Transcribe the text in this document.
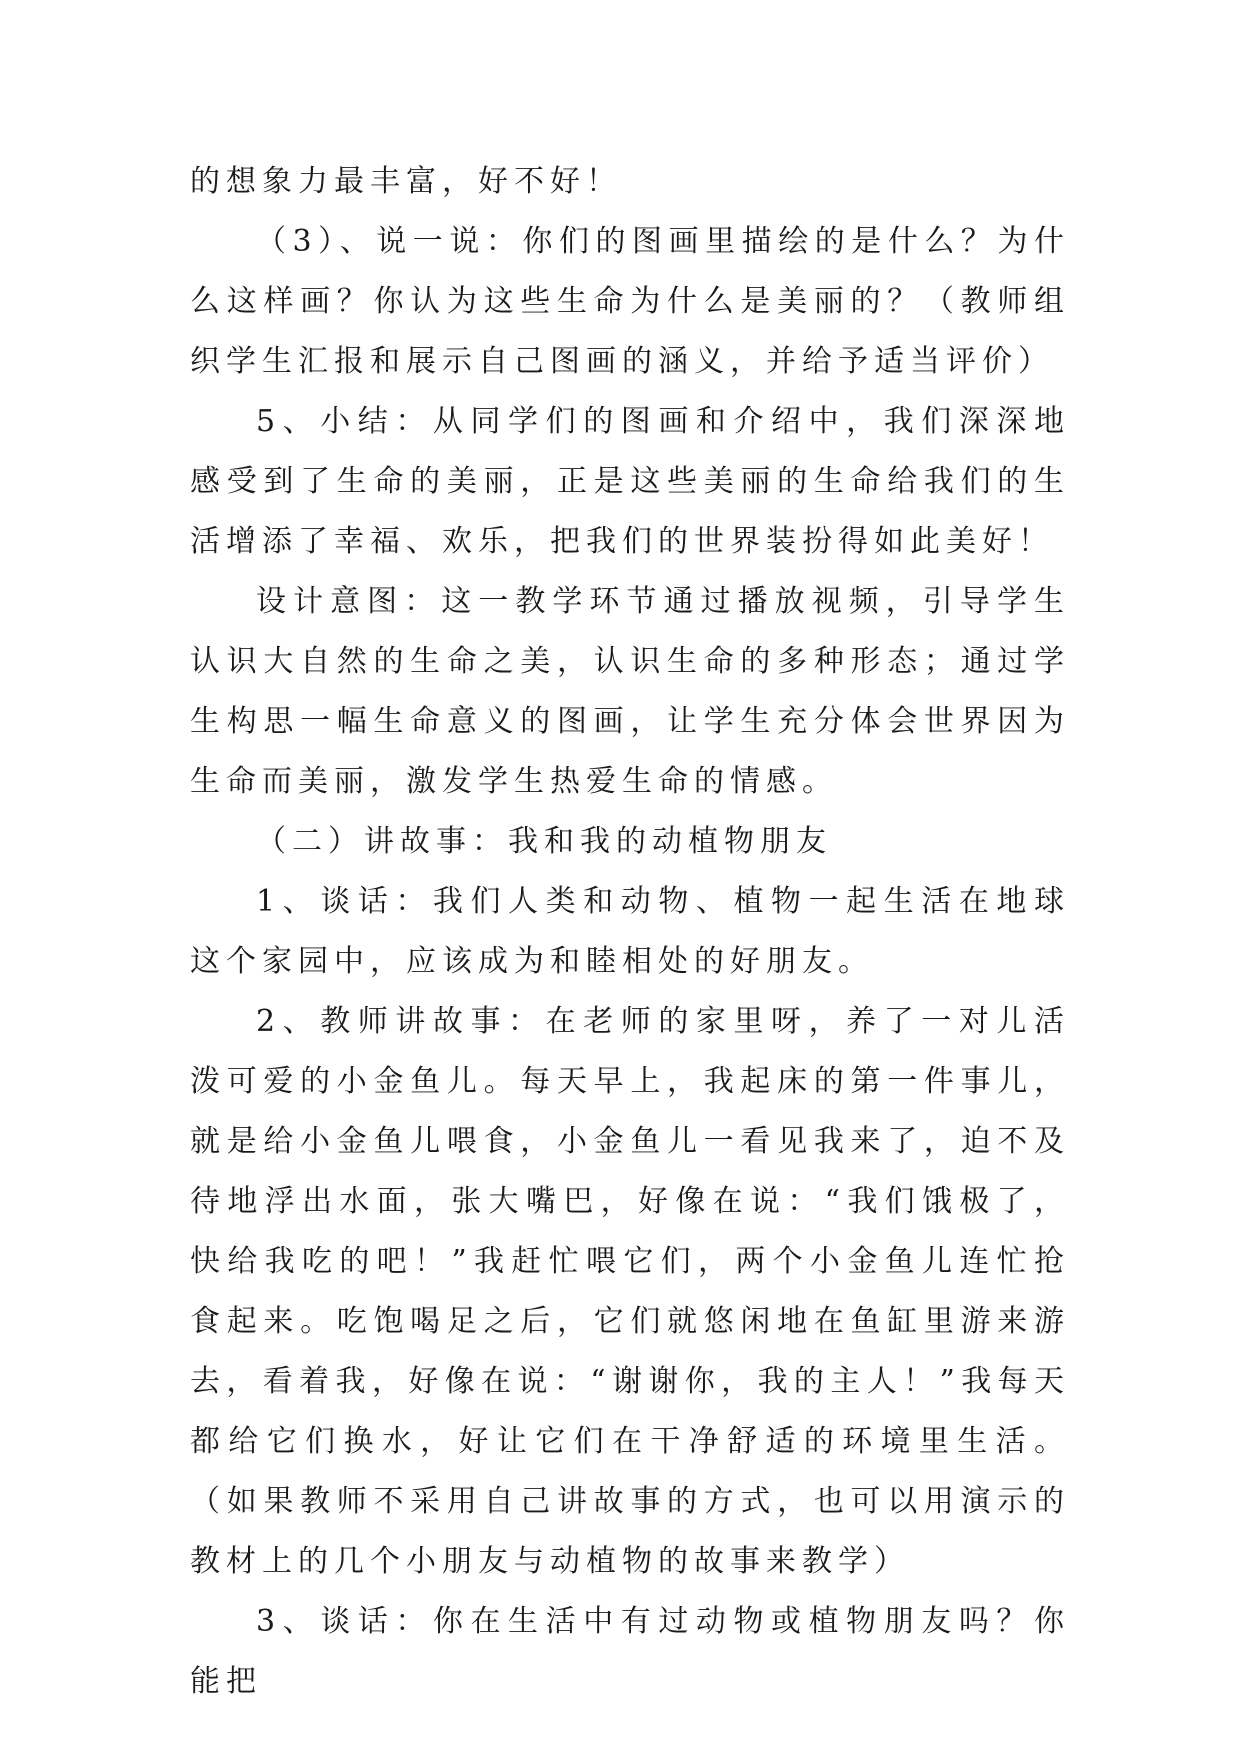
的想象力最丰富，好不好！

（3）、说一说：你们的图画里描绘的是什么？为什么这样画？你认为这些生命为什么是美丽的？（教师组织学生汇报和展示自己图画的涵义，并给予适当评价）

5、小结：从同学们的图画和介绍中，我们深深地感受到了生命的美丽，正是这些美丽的生命给我们的生活增添了幸福、欢乐，把我们的世界装扮得如此美好！

设计意图：这一教学环节通过播放视频，引导学生认识大自然的生命之美，认识生命的多种形态；通过学生构思一幅生命意义的图画，让学生充分体会世界因为生命而美丽，激发学生热爱生命的情感。

（二）讲故事：我和我的动植物朋友

1、谈话：我们人类和动物、植物一起生活在地球这个家园中，应该成为和睦相处的好朋友。

2、教师讲故事：在老师的家里呀，养了一对儿活泼可爱的小金鱼儿。每天早上，我起床的第一件事儿，就是给小金鱼儿喂食，小金鱼儿一看见我来了，迫不及待地浮出水面，张大嘴巴，好像在说：“我们饿极了，快给我吃的吧！”我赶忙喂它们，两个小金鱼儿连忙抢食起来。吃饱喝足之后，它们就悠闲地在鱼缸里游来游去，看着我，好像在说：“谢谢你，我的主人！”我每天都给它们换水，好让它们在干净舒适的环境里生活。（如果教师不采用自己讲故事的方式，也可以用演示的教材上的几个小朋友与动植物的故事来教学）

3、谈话：你在生活中有过动物或植物朋友吗？你能把
